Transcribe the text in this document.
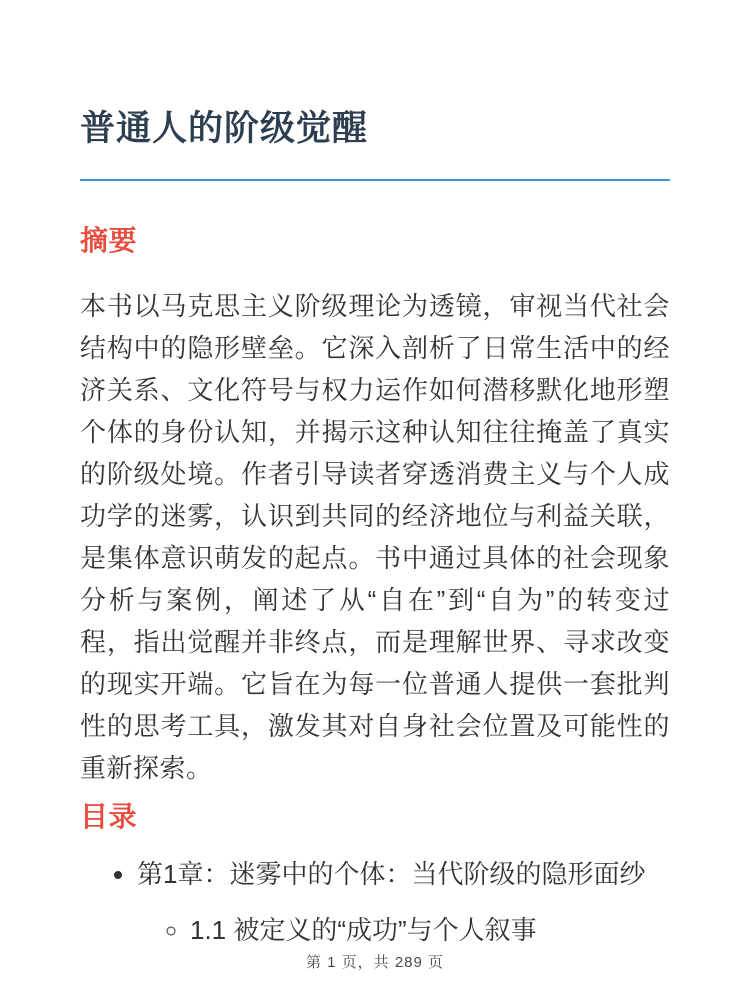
普通人的阶级觉醒
摘要

本书以马克思主义阶级理论为透镜，审视当代社会结构中的隐形壁垒。它深入剖析了日常生活中的经济关系、文化符号与权力运作如何潜移默化地形塑个体的身份认知，并揭示这种认知往往掩盖了真实的阶级处境。作者引导读者穿透消费主义与个人成功学的迷雾，认识到共同的经济地位与利益关联，是集体意识萌发的起点。书中通过具体的社会现象分析与案例，阐述了从“自在”到“自为”的转变过程，指出觉醒并非终点，而是理解世界、寻求改变的现实开端。它旨在为每一位普通人提供一套批判性的思考工具，激发其对自身社会位置及可能性的重新探索。

目录
• 第1章：迷雾中的个体：当代阶级的隐形面纱
◦ 1.1 被定义的“成功”与个人叙事
第 1 页，共 289 页
